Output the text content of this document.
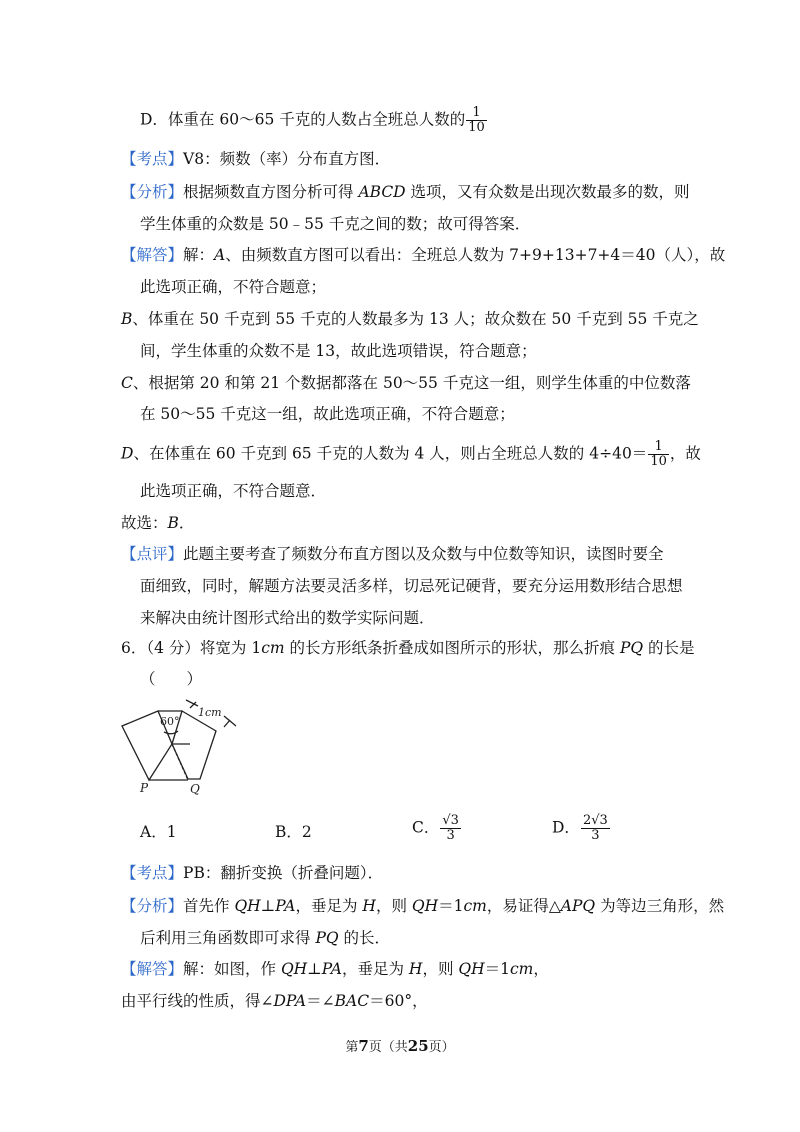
D．体重在 60～65 千克的人数占全班总人数的 $\frac{1}{10}$
【考点】V8：频数（率）分布直方图．
【分析】根据频数直方图分析可得 ABCD 选项，又有众数是出现次数最多的数，则
学生体重的众数是 50﹣55 千克之间的数；故可得答案．
【解答】解：A、由频数直方图可以看出：全班总人数为 7+9+13+7+4＝40（人），故
此选项正确，不符合题意；
B、体重在 50 千克到 55 千克的人数最多为 13 人；故众数在 50 千克到 55 千克之
间，学生体重的众数不是 13，故此选项错误，符合题意；
C、根据第 20 和第 21 个数据都落在 50～55 千克这一组，则学生体重的中位数落
在 50～55 千克这一组，故此选项正确，不符合题意；
D、在体重在 60 千克到 65 千克的人数为 4 人，则占全班总人数的 $4\div 40= \frac{1}{10}$ ，故
此选项正确，不符合题意．
故选：B．
【点评】此题主要考查了频数分布直方图以及众数与中位数等知识，读图时要全
面细致，同时，解题方法要灵活多样，切忌死记硬背，要充分运用数形结合思想
来解决由统计图形式给出的数学实际问题．
6．（4 分）将宽为 1cm 的长方形纸条折叠成如图所示的形状，那么折痕 PQ 的长是
（　　）
60°
1cm
P	Q
A．1	B．2	C． $\frac{√3}{3}$	D． $\frac{2√3}{3}$
【考点】PB：翻折变换（折叠问题）．
【分析】首先作 QH⊥PA，垂足为 H，则 QH＝1cm，易证得△APQ 为等边三角形，然
后利用三角函数即可求得 PQ 的长．
【解答】解：如图，作 QH⊥PA，垂足为 H，则 QH＝1cm，
由平行线的性质，得∠DPA＝∠BAC＝60°，
第7页（共25页）
